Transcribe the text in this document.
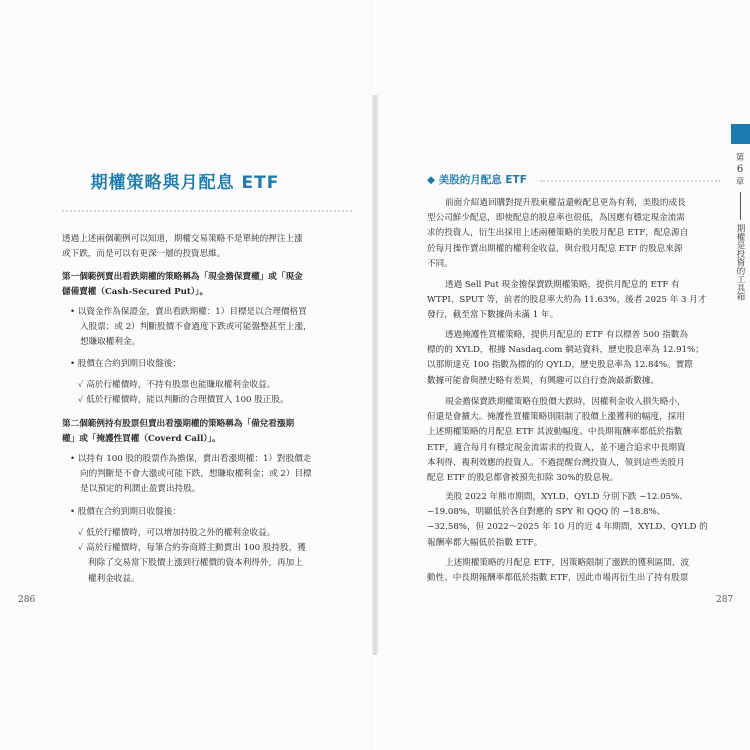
期權策略與月配息 ETF

透過上述兩個範例可以知道，期權交易策略不是單純的押注上漲

或下跌，而是可以有更深一層的投資思維。

第一個範例賣出看跌期權的策略稱為「現金擔保賣權」或「現金

儲備賣權（Cash-Secured Put）」。

• 以資金作為保證金，賣出看跌期權：1）目標是以合理價格買

入股票；或 2）判斷股價不會過度下跌或可能盤整甚至上漲，

想賺取權利金。

• 股價在合約到期日收盤後：

✓ 高於行權價時，不持有股票也能賺取權利金收益。

✓ 低於行權價時，能以判斷的合理價買入 100 股正股。

第二個範例持有股票但賣出看漲期權的策略稱為「備兌看漲期

權」或「掩護性買權（Coverd Call）」。

• 以持有 100 股的股票作為擔保，賣出看漲期權：1）對股價走

向的判斷是不會大漲或可能下跌，想賺取權利金；或 2）目標

是以預定的利潤止盈賣出持股。

• 股價在合約到期日收盤後：

✓ 低於行權價時，可以增加持股之外的權利金收益。

✓ 高於行權價時，每筆合約券商將主動賣出 100 股持股，獲

利除了交易當下股價上漲到行權價的資本利得外，再加上

權利金收益。

286
◆ 美股的月配息 ETF

前面介紹過回購對提升股東權益還較配息更為有利，美股的成長

型公司鮮少配息，即使配息的股息率也很低，為因應有穩定現金流需

求的投資人，衍生出採用上述兩種策略的美股月配息 ETF，配息源自

於每月操作賣出期權的權利金收益，與台股月配息 ETF 的股息來源

不同。

透過 Sell Put 現金擔保賣跌期權策略，提供月配息的 ETF 有

WTPI、SPUT 等，前者的股息率大約為 11.63%，後者 2025 年 3 月才

發行，截至當下數據尚未滿 1 年。

透過掩護性買權策略，提供月配息的 ETF 有以標普 500 指數為

標的的 XYLD，根據 Nasdaq.com 網站資料，歷史股息率為 12.91%；

以那斯達克 100 指數為標的的 QYLD，歷史股息率為 12.84%。實際

數據可能會與歷史略有差異，有興趣可以自行查詢最新數據。

現金擔保賣跌期權策略在股價大跌時，因權利金收入損失略小，

但還是會擴大。掩護性買權策略則限制了股價上漲獲利的幅度，採用

上述期權策略的月配息 ETF 其波動幅度、中長期報酬率都低於指數

ETF，適合每月有穩定現金流需求的投資人，並不適合追求中長期資

本利得、複利效應的投資人。不過提醒台灣投資人，領到這些美股月

配息 ETF 的股息都會被預先扣除 30%的股息稅。

美股 2022 年熊市期間，XYLD、QYLD 分別下跌 −12.05%、

−19.08%，明顯低於各自對應的 SPY 和 QQQ 的 −18.8%、

−32.58%，但 2022～2025 年 10 月的近 4 年期間，XYLD、QYLD 的

報酬率都大幅低於指數 ETF。

上述期權策略的月配息 ETF，因策略限制了漲跌的獲利區間，波

動性、中長期報酬率都低於指數 ETF，因此市場再衍生出了持有股票

287
第
6
章
期權是投資的工具箱
